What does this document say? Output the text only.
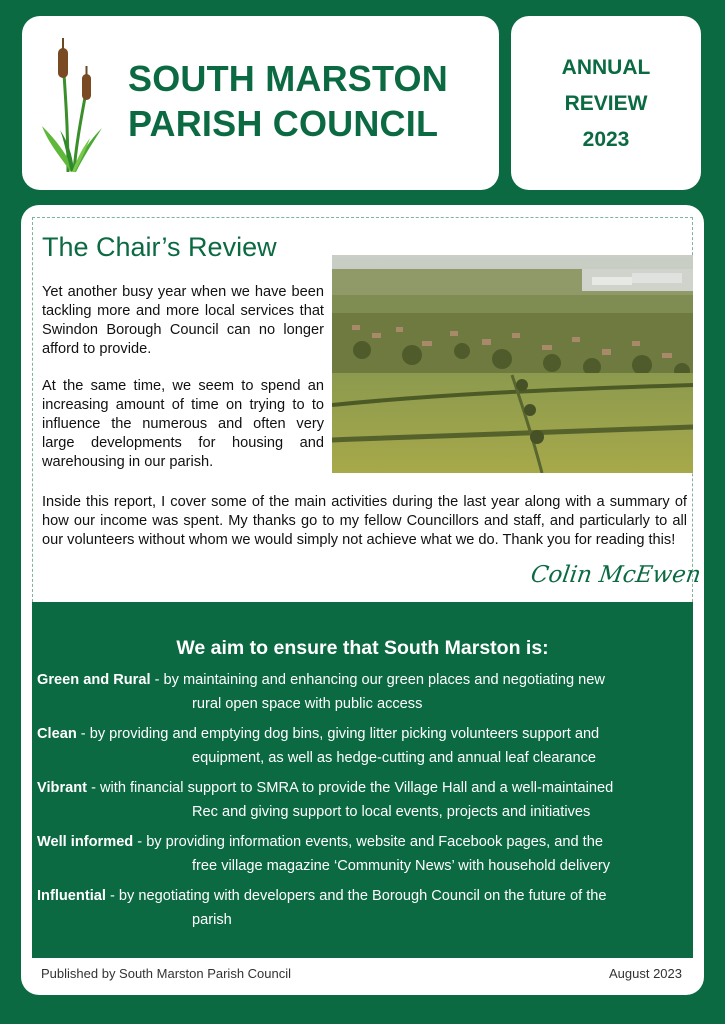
SOUTH MARSTON
PARISH COUNCIL
ANNUAL
REVIEW
2023
The Chair’s Review
Yet another busy year when we have been tackling more and more local services that Swindon Borough Council can no longer afford to provide.
At the same time, we seem to spend an increasing amount of time on trying to to influence the numerous and often very large developments for housing and warehousing in our parish.
Inside this report, I cover some of the main activities during the last year along with a summary of how our income was spent. My thanks go to my fellow Councillors and staff, and particularly to all our volunteers without whom we would simply not achieve what we do. Thank you for reading this!
Colin McEwen
We aim to ensure that South Marston is:
Green and Rural - by maintaining and enhancing our green places and negotiating new
rural open space with public access
Clean - by providing and emptying dog bins, giving litter picking volunteers support and
equipment, as well as hedge-cutting and annual leaf clearance
Vibrant - with financial support to SMRA to provide the Village Hall and a well-maintained
Rec and giving support to local events, projects and initiatives
Well informed - by providing information events, website and Facebook pages, and the
free village magazine ‘Community News’ with household delivery
Influential - by negotiating with developers and the Borough Council on the future of the
parish
Published by South Marston Parish Council	August 2023
